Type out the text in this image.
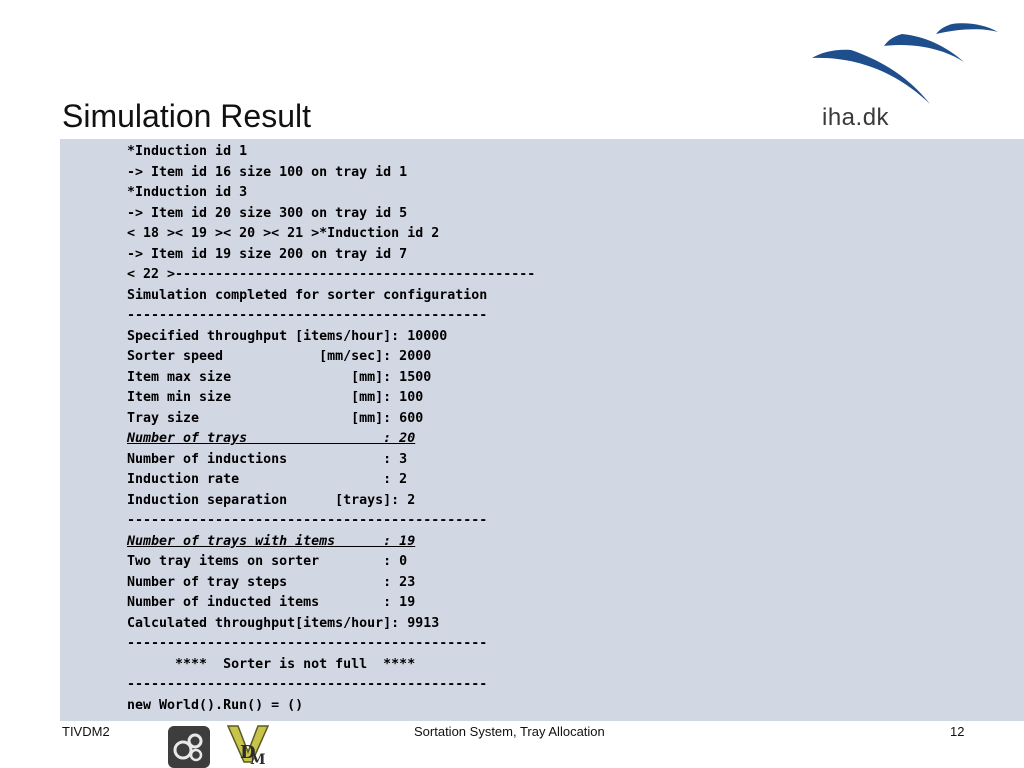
iha.dk
Simulation Result
*Induction id 1
-> Item id 16 size 100 on tray id 1
*Induction id 3
-> Item id 20 size 300 on tray id 5
< 18 >< 19 >< 20 >< 21 >*Induction id 2
-> Item id 19 size 200 on tray id 7
< 22 >---------------------------------------------
Simulation completed for sorter configuration
---------------------------------------------
Specified throughput [items/hour]: 10000
Sorter speed            [mm/sec]: 2000
Item max size               [mm]: 1500
Item min size               [mm]: 100
Tray size                   [mm]: 600
Number of trays                 : 20
Number of inductions            : 3
Induction rate                  : 2
Induction separation      [trays]: 2
---------------------------------------------
Number of trays with items      : 19
Two tray items on sorter        : 0
Number of tray steps            : 23
Number of inducted items        : 19
Calculated throughput[items/hour]: 9913
---------------------------------------------
****  Sorter is not full  ****
---------------------------------------------
new World().Run() = ()
TIVDM2
D
M
Sortation System, Tray Allocation	12
